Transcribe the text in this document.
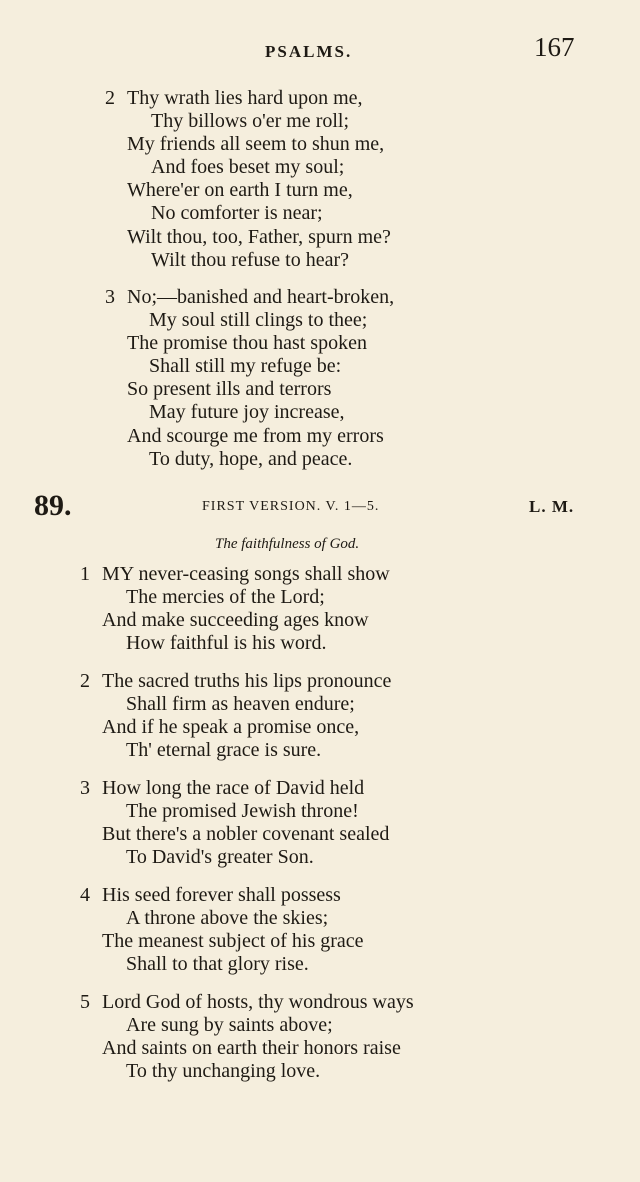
PSALMS.	167
2 Thy wrath lies hard upon me,
Thy billows o'er me roll;
My friends all seem to shun me,
And foes beset my soul;
Where'er on earth I turn me,
No comforter is near;
Wilt thou, too, Father, spurn me?
Wilt thou refuse to hear?
3 No;—banished and heart-broken,
My soul still clings to thee;
The promise thou hast spoken
Shall still my refuge be:
So present ills and terrors
May future joy increase,
And scourge me from my errors
To duty, hope, and peace.
89.	FIRST VERSION. V. 1—5.	L. M.
The faithfulness of God.
1 MY never-ceasing songs shall show
The mercies of the Lord;
And make succeeding ages know
How faithful is his word.
2 The sacred truths his lips pronounce
Shall firm as heaven endure;
And if he speak a promise once,
Th' eternal grace is sure.
3 How long the race of David held
The promised Jewish throne!
But there's a nobler covenant sealed
To David's greater Son.
4 His seed forever shall possess
A throne above the skies;
The meanest subject of his grace
Shall to that glory rise.
5 Lord God of hosts, thy wondrous ways
Are sung by saints above;
And saints on earth their honors raise
To thy unchanging love.
